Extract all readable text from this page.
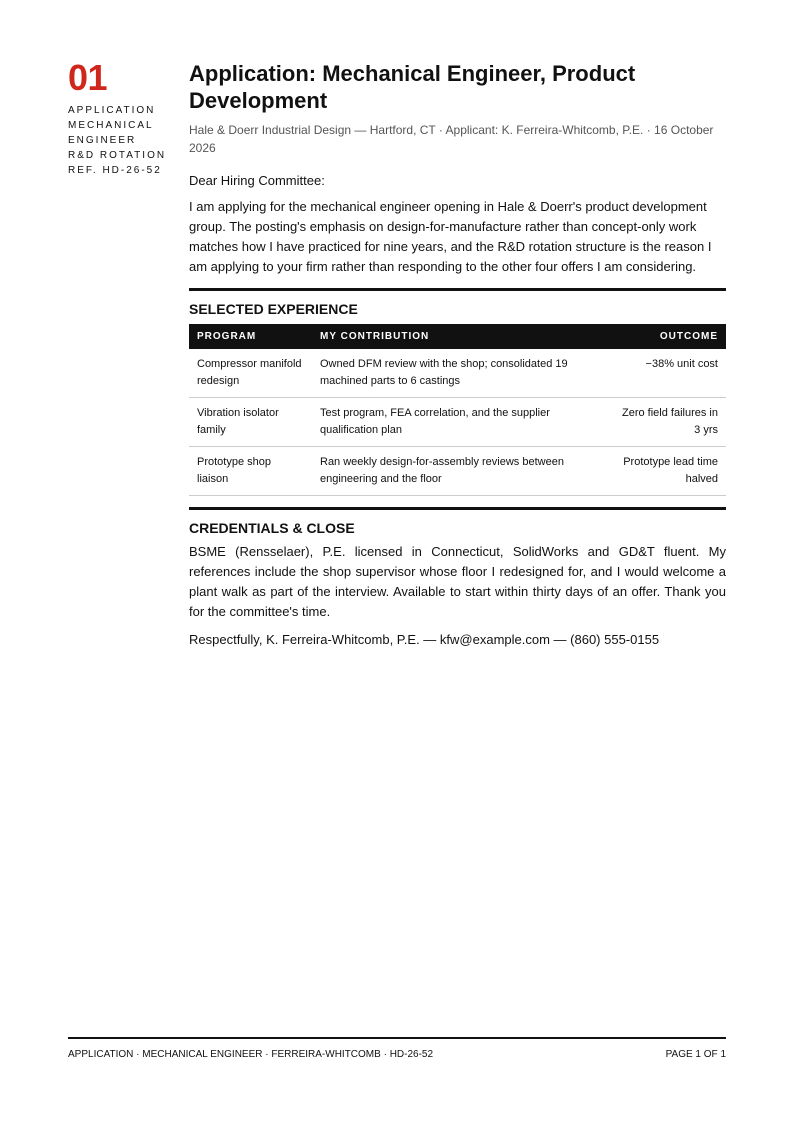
01
APPLICATION
MECHANICAL
ENGINEER
R&D ROTATION
REF. HD-26-52
Application: Mechanical Engineer, Product Development
Hale & Doerr Industrial Design — Hartford, CT · Applicant: K. Ferreira-Whitcomb, P.E. · 16 October 2026
Dear Hiring Committee:
I am applying for the mechanical engineer opening in Hale & Doerr's product development group. The posting's emphasis on design-for-manufacture rather than concept-only work matches how I have practiced for nine years, and the R&D rotation structure is the reason I am applying to your firm rather than responding to the other four offers I am considering.
SELECTED EXPERIENCE
PROGRAM	MY CONTRIBUTION	OUTCOME
Compressor manifold redesign	Owned DFM review with the shop; consolidated 19 machined parts to 6 castings	−38% unit cost
Vibration isolator family	Test program, FEA correlation, and the supplier qualification plan	Zero field failures in 3 yrs
Prototype shop liaison	Ran weekly design-for-assembly reviews between engineering and the floor	Prototype lead time halved
CREDENTIALS & CLOSE
BSME (Rensselaer), P.E. licensed in Connecticut, SolidWorks and GD&T fluent. My references include the shop supervisor whose floor I redesigned for, and I would welcome a plant walk as part of the interview. Available to start within thirty days of an offer. Thank you for the committee's time.
Respectfully, K. Ferreira-Whitcomb, P.E. — kfw@example.com — (860) 555-0155
APPLICATION · MECHANICAL ENGINEER · FERREIRA-WHITCOMB · HD-26-52	PAGE 1 OF 1
